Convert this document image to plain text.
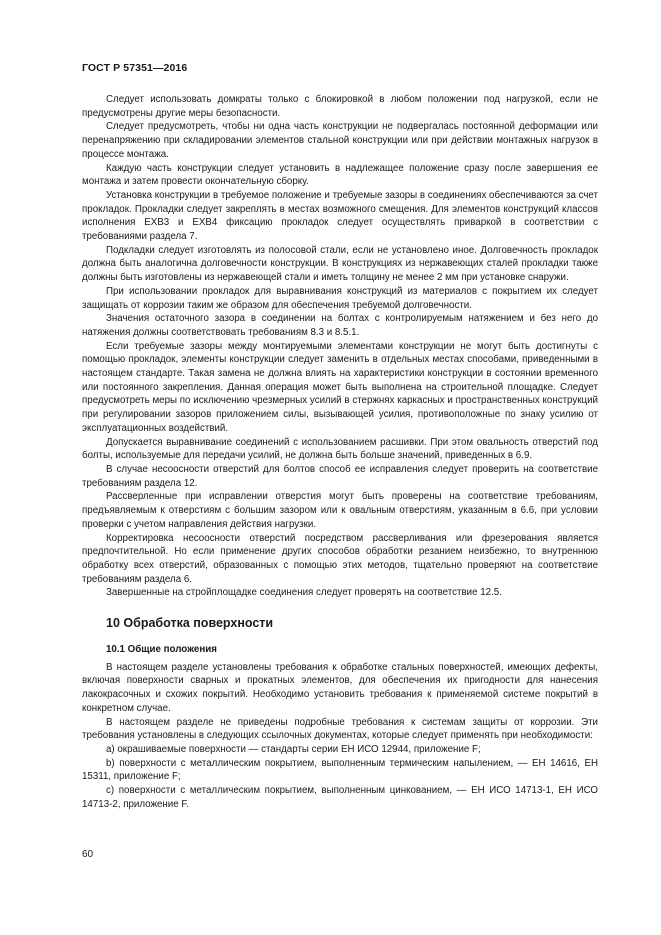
ГОСТ Р 57351—2016

Следует использовать домкраты только с блокировкой в любом положении под нагрузкой, если не предусмотрены другие меры безопасности.

Следует предусмотреть, чтобы ни одна часть конструкции не подвергалась постоянной деформации или перенапряжению при складировании элементов стальной конструкции или при действии монтажных нагрузок в процессе монтажа.

Каждую часть конструкции следует установить в надлежащее положение сразу после завершения ее монтажа и затем провести окончательную сборку.

Установка конструкции в требуемое положение и требуемые зазоры в соединениях обеспечиваются за счет прокладок. Прокладки следует закреплять в местах возможного смещения. Для элементов конструкций классов исполнения EXB3 и EXB4 фиксацию прокладок следует осуществлять приваркой в соответствии с требованиями раздела 7.

Подкладки следует изготовлять из полосовой стали, если не установлено иное. Долговечность прокладок должна быть аналогична долговечности конструкции. В конструкциях из нержавеющих сталей прокладки также должны быть изготовлены из нержавеющей стали и иметь толщину не менее 2 мм при установке снаружи.

При использовании прокладок для выравнивания конструкций из материалов с покрытием их следует защищать от коррозии таким же образом для обеспечения требуемой долговечности.

Значения остаточного зазора в соединении на болтах с контролируемым натяжением и без него до натяжения должны соответствовать требованиям 8.3 и 8.5.1.

Если требуемые зазоры между монтируемыми элементами конструкции не могут быть достигнуты с помощью прокладок, элементы конструкции следует заменить в отдельных местах способами, приведенными в настоящем стандарте. Такая замена не должна влиять на характеристики конструкции в состоянии временного или постоянного закрепления. Данная операция может быть выполнена на строительной площадке. Следует предусмотреть меры по исключению чрезмерных усилий в стержнях каркасных и пространственных конструкций при регулировании зазоров приложением силы, вызывающей усилия, противоположные по знаку усилию от эксплуатационных воздействий.

Допускается выравнивание соединений с использованием расшивки. При этом овальность отверстий под болты, используемые для передачи усилий, не должна быть больше значений, приведенных в 6.9.

В случае несоосности отверстий для болтов способ ее исправления следует проверить на соответствие требованиям раздела 12.

Рассверленные при исправлении отверстия могут быть проверены на соответствие требованиям, предъявляемым к отверстиям с большим зазором или к овальным отверстиям, указанным в 6.6, при условии проверки с учетом направления действия нагрузки.

Корректировка несоосности отверстий посредством рассверливания или фрезерования является предпочтительной. Но если применение других способов обработки резанием неизбежно, то внутреннюю обработку всех отверстий, образованных с помощью этих методов, тщательно проверяют на соответствие требованиям раздела 6.

Завершенные на стройплощадке соединения следует проверять на соответствие 12.5.

10 Обработка поверхности
10.1 Общие положения

В настоящем разделе установлены требования к обработке стальных поверхностей, имеющих дефекты, включая поверхности сварных и прокатных элементов, для обеспечения их пригодности для нанесения лакокрасочных и схожих покрытий. Необходимо установить требования к применяемой системе покрытий в конкретном случае.

В настоящем разделе не приведены подробные требования к системам защиты от коррозии. Эти требования установлены в следующих ссылочных документах, которые следует применять при необходимости:

a) окрашиваемые поверхности — стандарты серии ЕН ИСО 12944, приложение F;

b) поверхности с металлическим покрытием, выполненным термическим напылением, — ЕН 14616, ЕН 15311, приложение F;

c) поверхности с металлическим покрытием, выполненным цинкованием, — ЕН ИСО 14713-1, ЕН ИСО 14713-2, приложение F.

60
